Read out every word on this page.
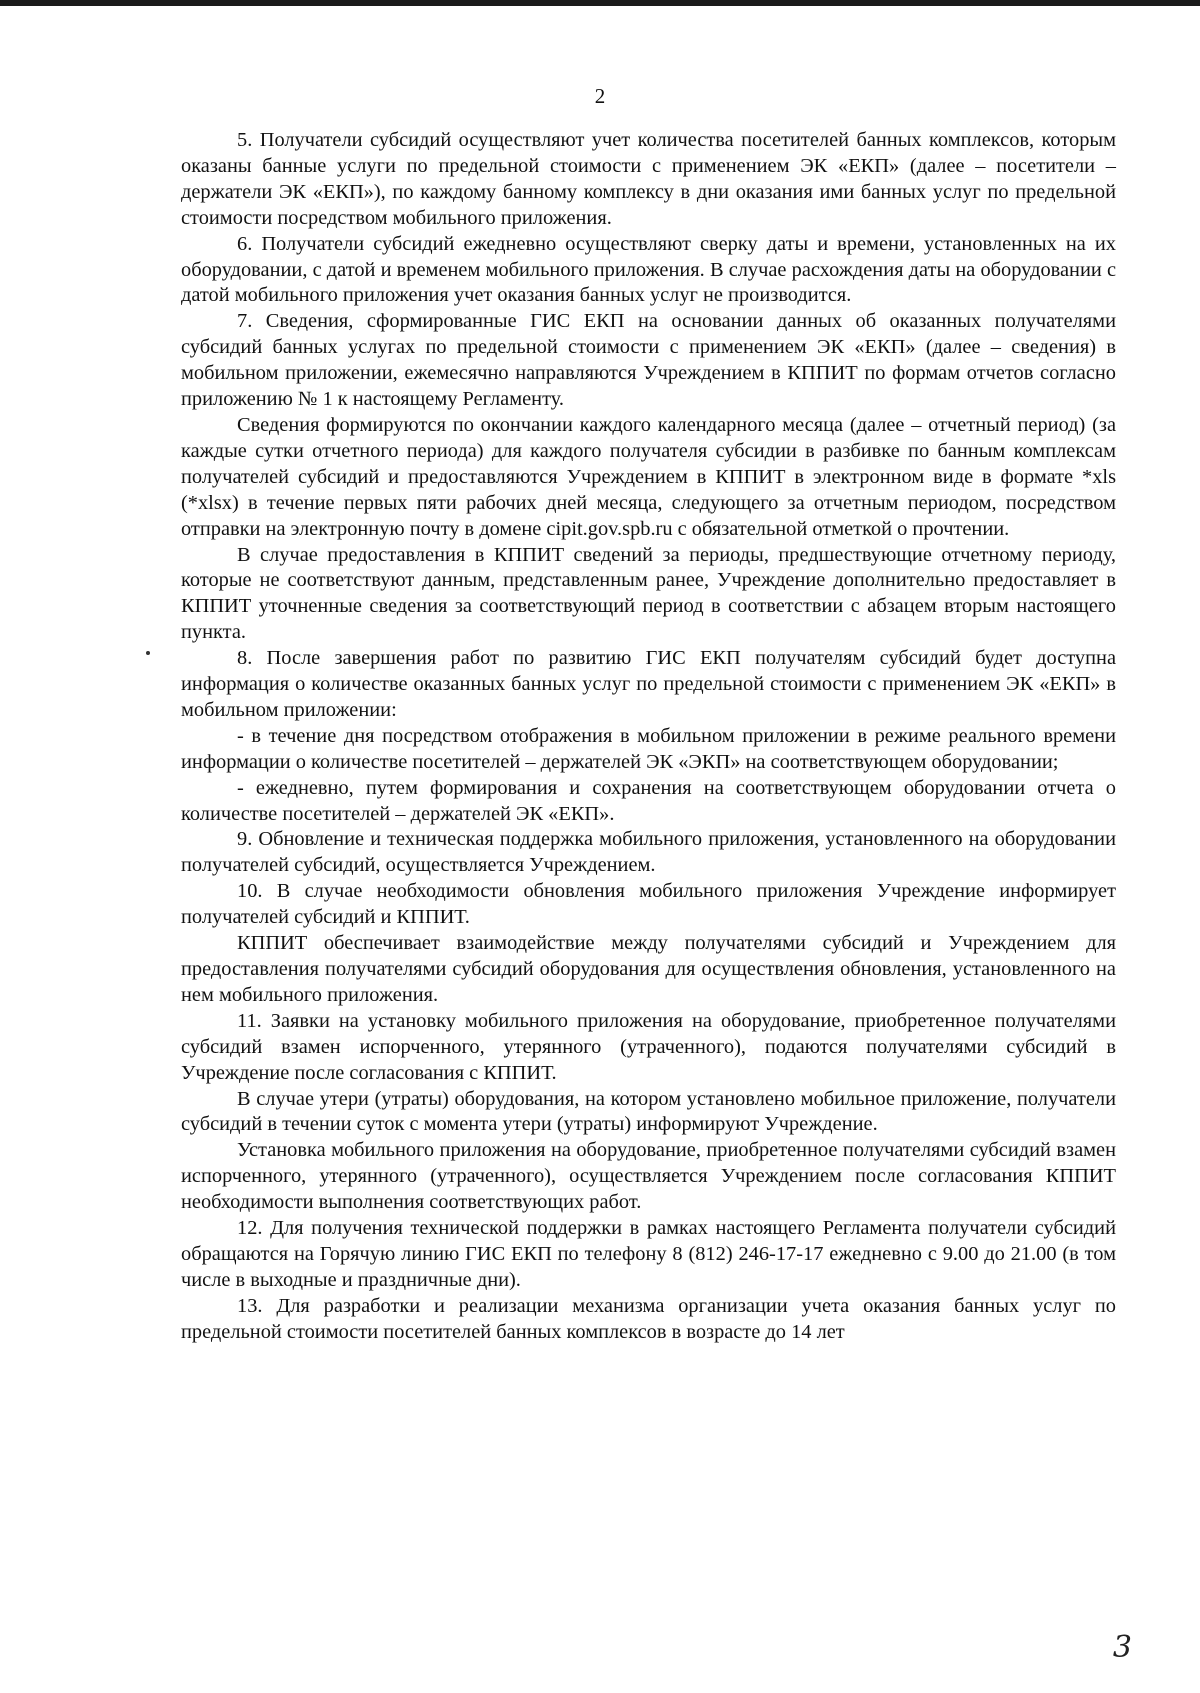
2

5. Получатели субсидий осуществляют учет количества посетителей банных комплексов, которым оказаны банные услуги по предельной стоимости с применением ЭК «ЕКП» (далее – посетители – держатели ЭК «ЕКП»), по каждому банному комплексу в дни оказания ими банных услуг по предельной стоимости посредством мобильного приложения.

6. Получатели субсидий ежедневно осуществляют сверку даты и времени, установленных на их оборудовании, с датой и временем мобильного приложения. В случае расхождения даты на оборудовании с датой мобильного приложения учет оказания банных услуг не производится.

7. Сведения, сформированные ГИС ЕКП на основании данных об оказанных получателями субсидий банных услугах по предельной стоимости с применением ЭК «ЕКП» (далее – сведения) в мобильном приложении, ежемесячно направляются Учреждением в КППИТ по формам отчетов согласно приложению № 1 к настоящему Регламенту.

Сведения формируются по окончании каждого календарного месяца (далее – отчетный период) (за каждые сутки отчетного периода) для каждого получателя субсидии в разбивке по банным комплексам получателей субсидий и предоставляются Учреждением в КППИТ в электронном виде в формате *xls (*xlsx) в течение первых пяти рабочих дней месяца, следующего за отчетным периодом, посредством отправки на электронную почту в домене cipit.gov.spb.ru с обязательной отметкой о прочтении.

В случае предоставления в КППИТ сведений за периоды, предшествующие отчетному периоду, которые не соответствуют данным, представленным ранее, Учреждение дополнительно предоставляет в КППИТ уточненные сведения за соответствующий период в соответствии с абзацем вторым настоящего пункта.

8. После завершения работ по развитию ГИС ЕКП получателям субсидий будет доступна информация о количестве оказанных банных услуг по предельной стоимости с применением ЭК «ЕКП» в мобильном приложении:

- в течение дня посредством отображения в мобильном приложении в режиме реального времени информации о количестве посетителей – держателей ЭК «ЭКП» на соответствующем оборудовании;

- ежедневно, путем формирования и сохранения на соответствующем оборудовании отчета о количестве посетителей – держателей ЭК «ЕКП».

9. Обновление и техническая поддержка мобильного приложения, установленного на оборудовании получателей субсидий, осуществляется Учреждением.

10. В случае необходимости обновления мобильного приложения Учреждение информирует получателей субсидий и КППИТ.

КППИТ обеспечивает взаимодействие между получателями субсидий и Учреждением для предоставления получателями субсидий оборудования для осуществления обновления, установленного на нем мобильного приложения.

11. Заявки на установку мобильного приложения на оборудование, приобретенное получателями субсидий взамен испорченного, утерянного (утраченного), подаются получателями субсидий в Учреждение после согласования с КППИТ.

В случае утери (утраты) оборудования, на котором установлено мобильное приложение, получатели субсидий в течении суток с момента утери (утраты) информируют Учреждение.

Установка мобильного приложения на оборудование, приобретенное получателями субсидий взамен испорченного, утерянного (утраченного), осуществляется Учреждением после согласования КППИТ необходимости выполнения соответствующих работ.

12. Для получения технической поддержки в рамках настоящего Регламента получатели субсидий обращаются на Горячую линию ГИС ЕКП по телефону 8 (812) 246-17-17 ежедневно с 9.00 до 21.00 (в том числе в выходные и праздничные дни).

13. Для разработки и реализации механизма организации учета оказания банных услуг по предельной стоимости посетителей банных комплексов в возрасте до 14 лет

3
